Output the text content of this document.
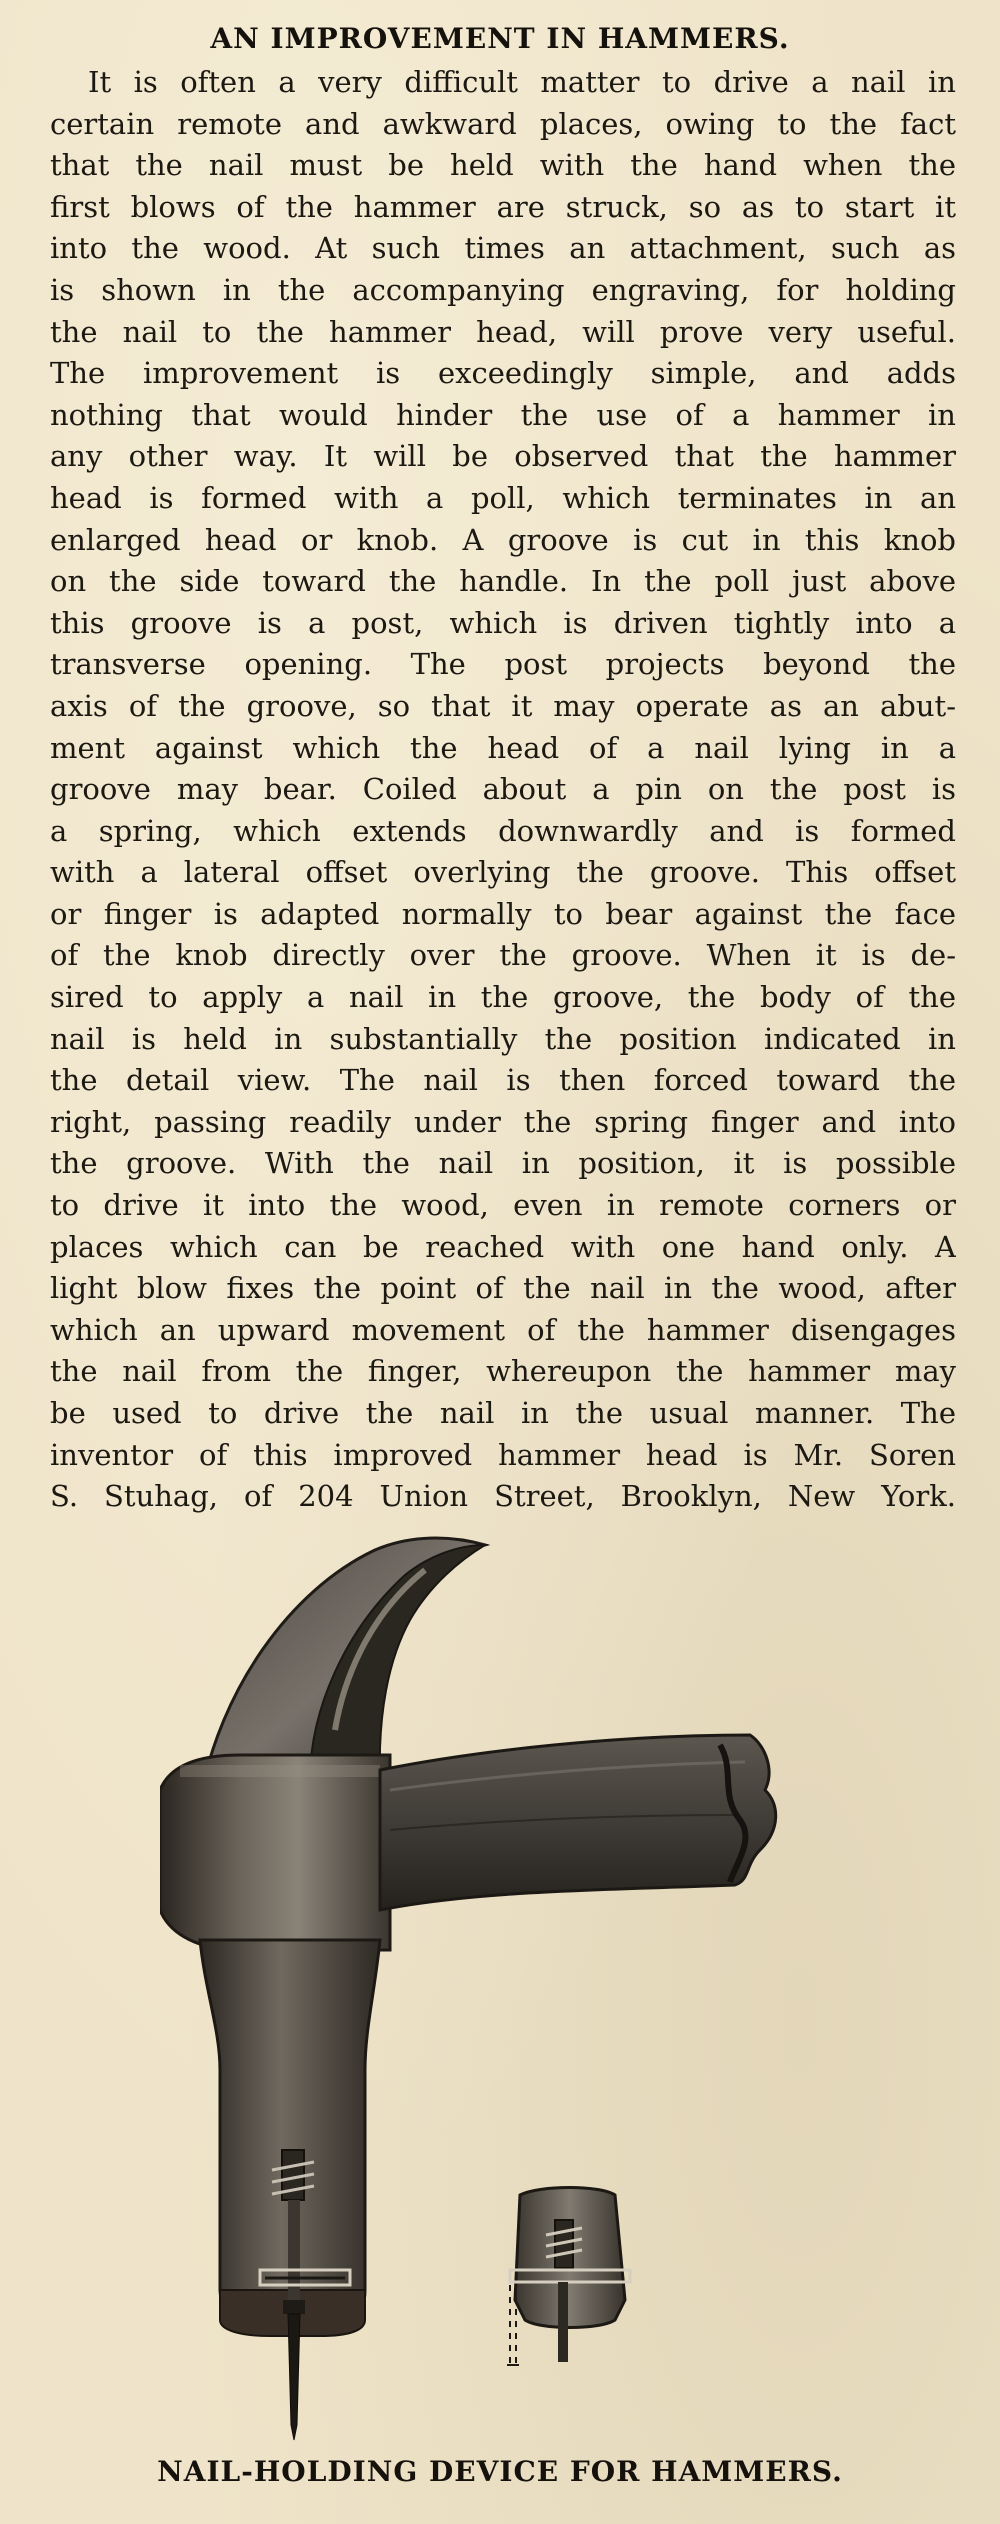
AN IMPROVEMENT IN HAMMERS.
It is often a very difficult matter to drive a nail in
certain remote and awkward places, owing to the fact
that the nail must be held with the hand when the
first blows of the hammer are struck, so as to start it
into the wood. At such times an attachment, such as
is shown in the accompanying engraving, for holding
the nail to the hammer head, will prove very useful.
The improvement is exceedingly simple, and adds
nothing that would hinder the use of a hammer in
any other way. It will be observed that the hammer
head is formed with a poll, which terminates in an
enlarged head or knob. A groove is cut in this knob
on the side toward the handle. In the poll just above
this groove is a post, which is driven tightly into a
transverse opening. The post projects beyond the
axis of the groove, so that it may operate as an abut-
ment against which the head of a nail lying in a
groove may bear. Coiled about a pin on the post is
a spring, which extends downwardly and is formed
with a lateral offset overlying the groove. This offset
or finger is adapted normally to bear against the face
of the knob directly over the groove. When it is de-
sired to apply a nail in the groove, the body of the
nail is held in substantially the position indicated in
the detail view. The nail is then forced toward the
right, passing readily under the spring finger and into
the groove. With the nail in position, it is possible
to drive it into the wood, even in remote corners or
places which can be reached with one hand only. A
light blow fixes the point of the nail in the wood, after
which an upward movement of the hammer disengages
the nail from the finger, whereupon the hammer may
be used to drive the nail in the usual manner. The
inventor of this improved hammer head is Mr. Soren
S. Stuhag, of 204 Union Street, Brooklyn, New York.
NAIL-HOLDING DEVICE FOR HAMMERS.
